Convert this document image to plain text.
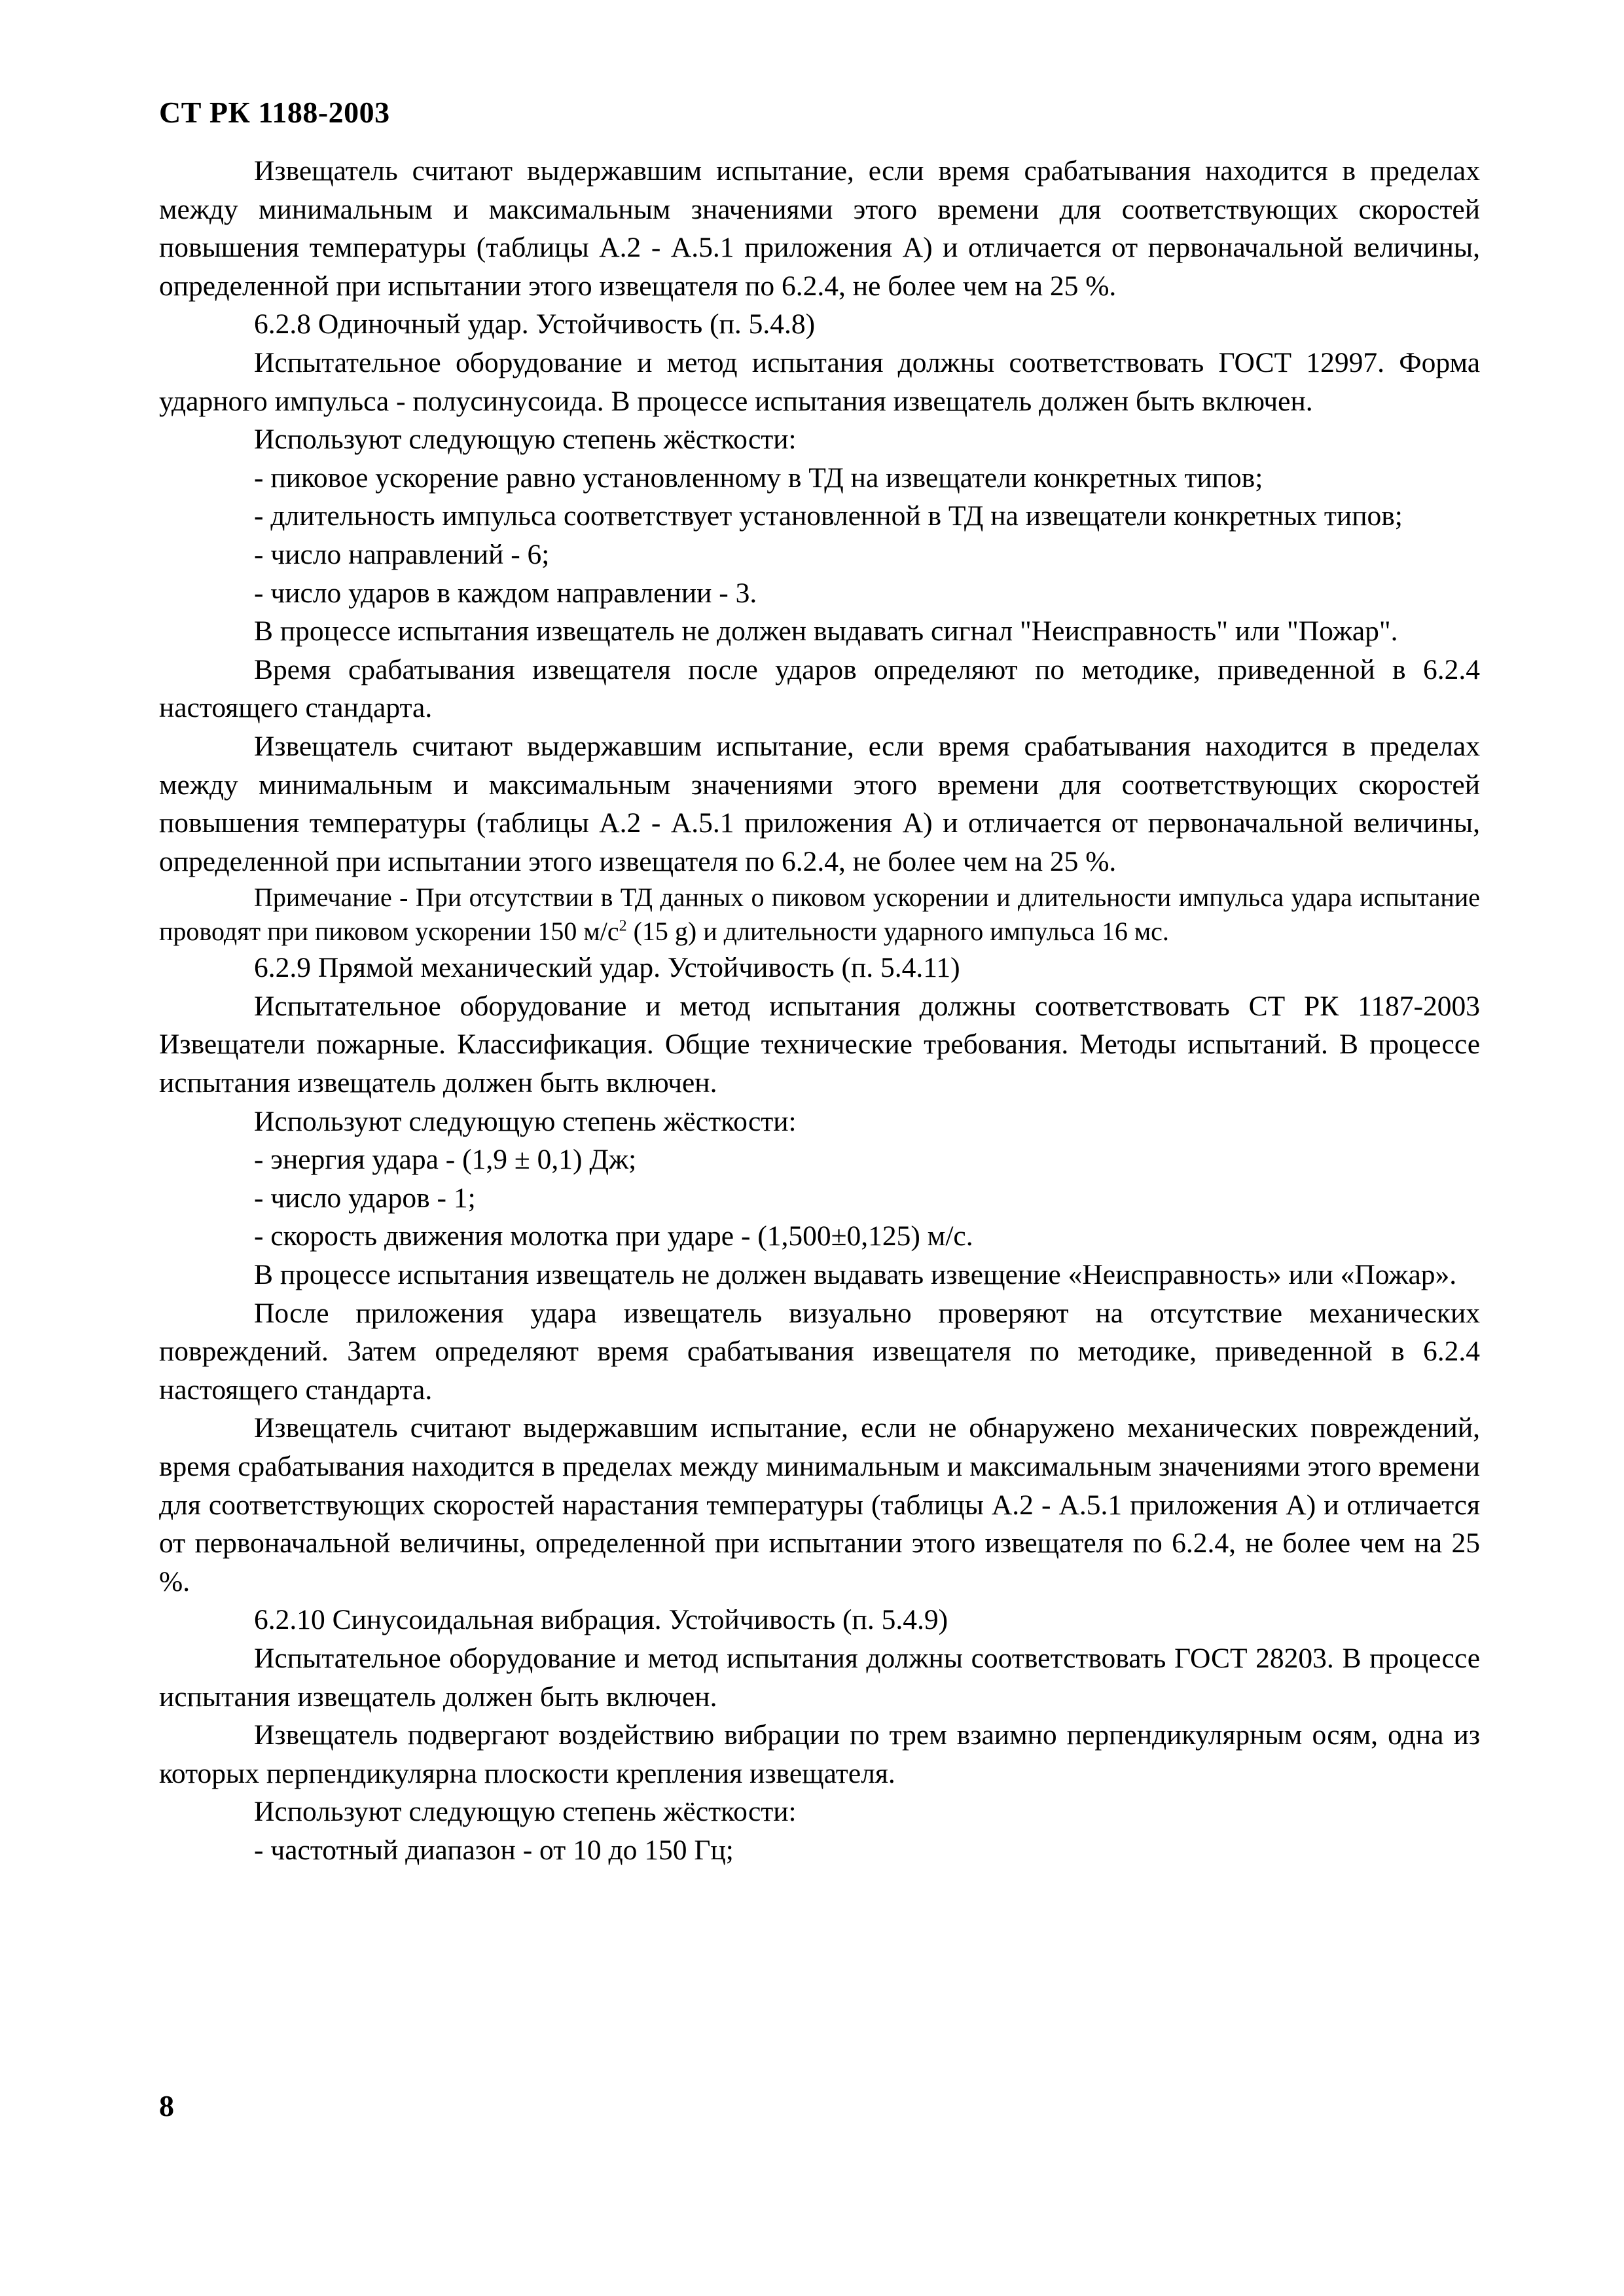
СТ РК 1188-2003

Извещатель считают выдержавшим испытание, если время срабатывания находится в пределах между минимальным и максимальным значениями этого времени для соответствующих скоростей повышения температуры (таблицы А.2 - А.5.1 приложения А) и отличается от первоначальной величины, определенной при испытании этого извещателя по 6.2.4, не более чем на 25 %.

6.2.8 Одиночный удар. Устойчивость (п. 5.4.8)

Испытательное оборудование и метод испытания должны соответствовать ГОСТ 12997. Форма ударного импульса - полусинусоида. В процессе испытания извещатель должен быть включен.

Используют следующую степень жёсткости:

- пиковое ускорение равно установленному в ТД на извещатели конкретных типов;

- длительность импульса соответствует установленной в ТД на извещатели конкретных типов;

- число направлений - 6;

- число ударов в каждом направлении - 3.

В процессе испытания извещатель не должен выдавать сигнал "Неисправность" или "Пожар".

Время срабатывания извещателя после ударов определяют по методике, приведенной в 6.2.4 настоящего стандарта.

Извещатель считают выдержавшим испытание, если время срабатывания находится в пределах между минимальным и максимальным значениями этого времени для соответствующих скоростей повышения температуры (таблицы А.2 - А.5.1 приложения А) и отличается от первоначальной величины, определенной при испытании этого извещателя по 6.2.4, не более чем на 25 %.

Примечание - При отсутствии в ТД данных о пиковом ускорении и длительности импульса удара испытание проводят при пиковом ускорении 150 $м/с^2$ (15 g) и длительности ударного импульса 16 мс.

6.2.9 Прямой механический удар. Устойчивость (п. 5.4.11)

Испытательное оборудование и метод испытания должны соответствовать СТ РК 1187-2003 Извещатели пожарные. Классификация. Общие технические требования. Методы испытаний. В процессе испытания извещатель должен быть включен.

Используют следующую степень жёсткости:

- энергия удара - (1,9 ± 0,1) Дж;

- число ударов - 1;

- скорость движения молотка при ударе - (1,500±0,125) м/с.

В процессе испытания извещатель не должен выдавать извещение «Неисправность» или «Пожар».

После приложения удара извещатель визуально проверяют на отсутствие механических повреждений. Затем определяют время срабатывания извещателя по методике, приведенной в 6.2.4 настоящего стандарта.

Извещатель считают выдержавшим испытание, если не обнаружено механических повреждений, время срабатывания находится в пределах между минимальным и максимальным значениями этого времени для соответствующих скоростей нарастания температуры (таблицы А.2 - А.5.1 приложения А) и отличается от первоначальной величины, определенной при испытании этого извещателя по 6.2.4, не более чем на 25 %.

6.2.10 Синусоидальная вибрация. Устойчивость (п. 5.4.9)

Испытательное оборудование и метод испытания должны соответствовать ГОСТ 28203. В процессе испытания извещатель должен быть включен.

Извещатель подвергают воздействию вибрации по трем взаимно перпендикулярным осям, одна из которых перпендикулярна плоскости крепления извещателя.

Используют следующую степень жёсткости:

- частотный диапазон - от 10 до 150 Гц;

8
